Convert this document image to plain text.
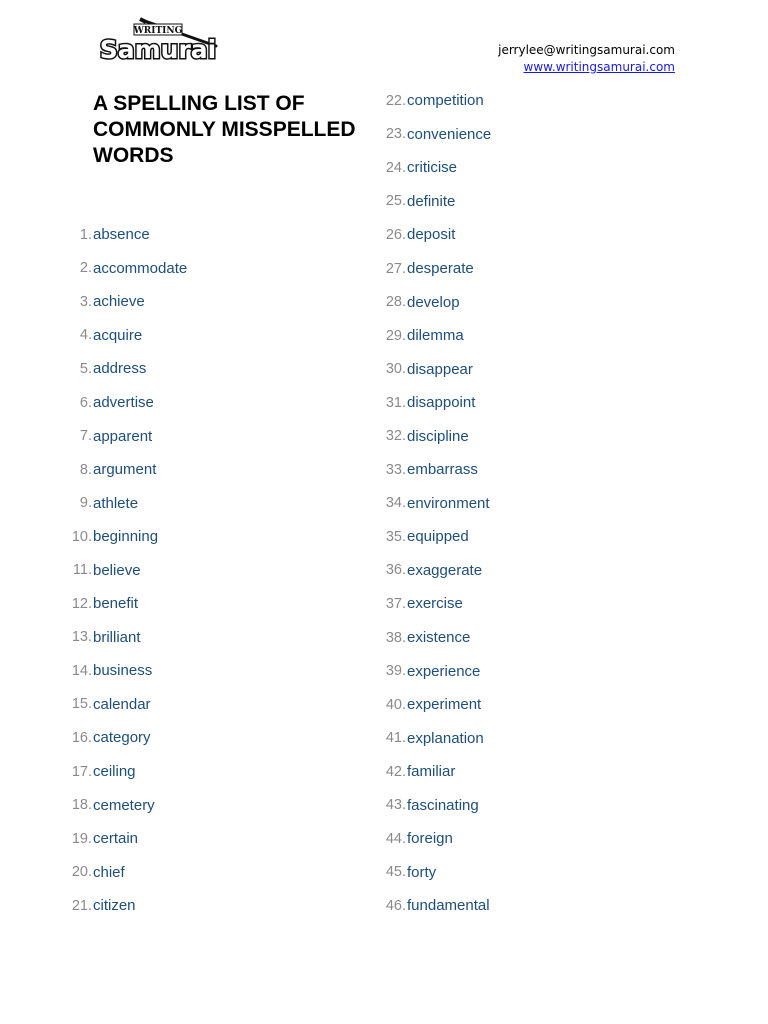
WRITING
Samurai	jerrylee@writingsamurai.com
www.writingsamurai.com
A SPELLING LIST OF COMMONLY MISSPELLED WORDS
1. absence
2. accommodate
3. achieve
4. acquire
5. address
6. advertise
7. apparent
8. argument
9. athlete
10. beginning
11. believe
12. benefit
13. brilliant
14. business
15. calendar
16. category
17. ceiling
18. cemetery
19. certain
20. chief
21. citizen
22. competition
23. convenience
24. criticise
25. definite
26. deposit
27. desperate
28. develop
29. dilemma
30. disappear
31. disappoint
32. discipline
33. embarrass
34. environment
35. equipped
36. exaggerate
37. exercise
38. existence
39. experience
40. experiment
41. explanation
42. familiar
43. fascinating
44. foreign
45. forty
46. fundamental
